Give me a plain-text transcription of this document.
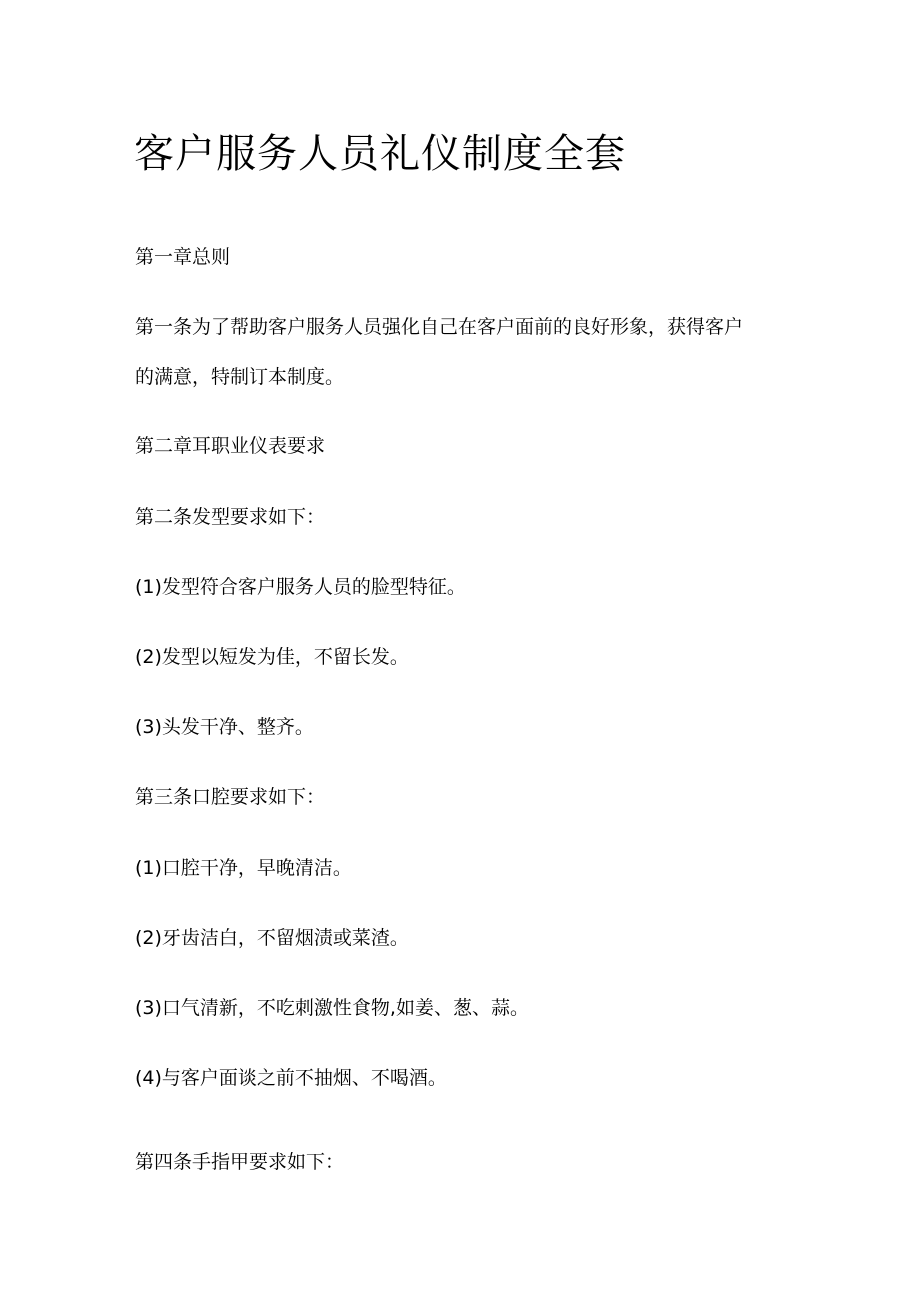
客户服务人员礼仪制度全套

第一章总则

第一条为了帮助客户服务人员强化自己在客户面前的良好形象，获得客户

的满意，特制订本制度。

第二章耳职业仪表要求

第二条发型要求如下：

(1)发型符合客户服务人员的脸型特征。

(2)发型以短发为佳，不留长发。

(3)头发干净、整齐。

第三条口腔要求如下：

(1)口腔干净，早晚清洁。

(2)牙齿洁白，不留烟渍或菜渣。

(3)口气清新，不吃刺激性食物,如姜、葱、蒜。

(4)与客户面谈之前不抽烟、不喝酒。

第四条手指甲要求如下：
